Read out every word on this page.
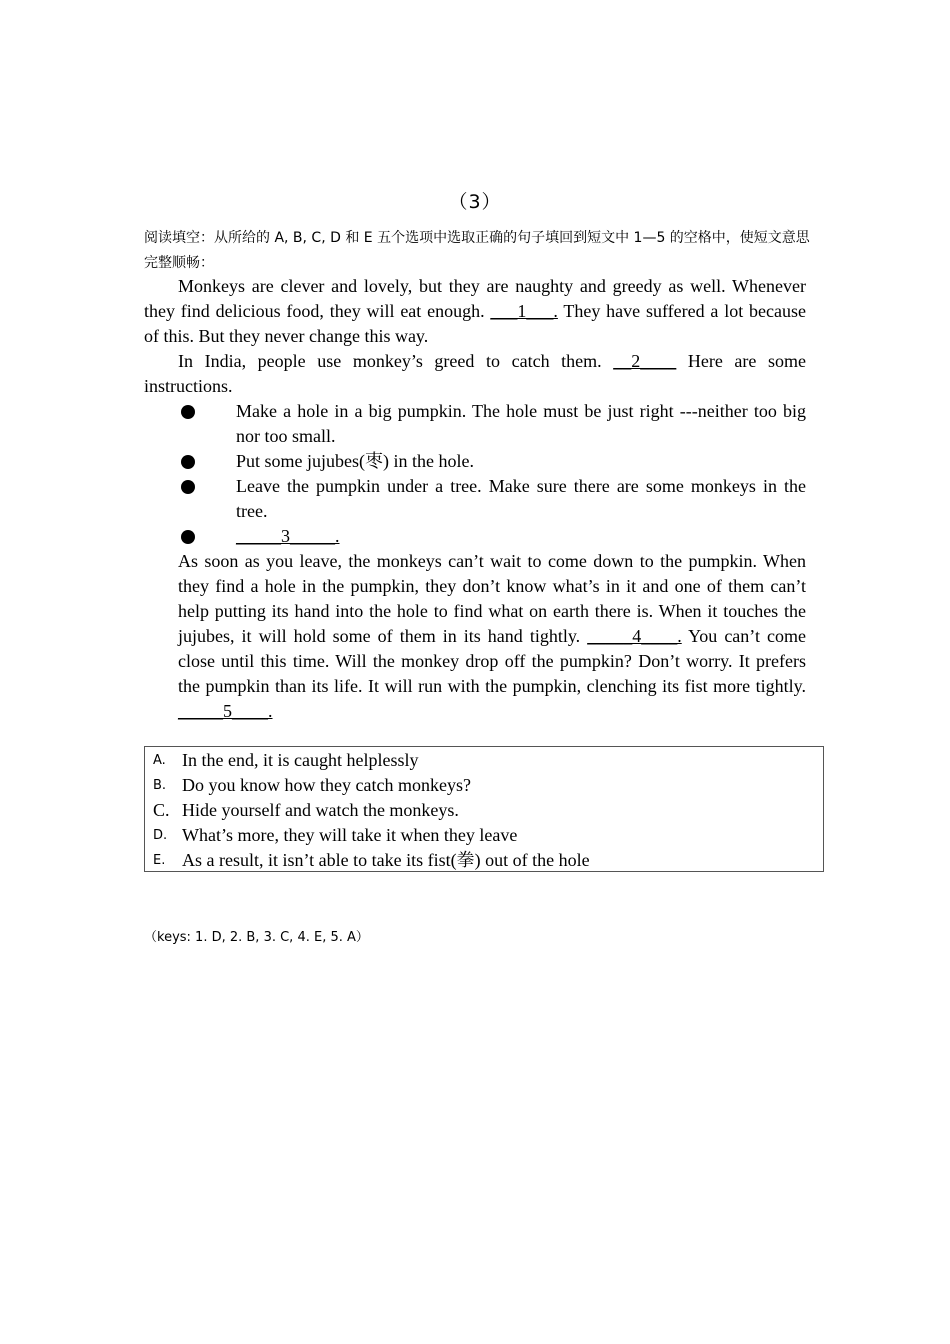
（3）
阅读填空：从所给的 A, B, C, D 和 E 五个选项中选取正确的句子填回到短文中 1—5 的空格中，使短文意思完整顺畅：
Monkeys are clever and lovely, but they are naughty and greedy as well. Whenever they find delicious food, they will eat enough. ___1___. They have suffered a lot because of this. But they never change this way.
In India, people use monkey’s greed to catch them. __2____ Here are some instructions.
Make a hole in a big pumpkin. The hole must be just right ---neither too big nor too small.
Put some jujubes(枣) in the hole.
Leave the pumpkin under a tree. Make sure there are some monkeys in the tree.
_____3_____.
As soon as you leave, the monkeys can’t wait to come down to the pumpkin. When they find a hole in the pumpkin, they don’t know what’s in it and one of them can’t help putting its hand into the hole to find what on earth there is. When it touches the jujubes, it will hold some of them in its hand tightly. _____4____. You can’t come close until this time. Will the monkey drop off the pumpkin? Don’t worry. It prefers the pumpkin than its life. It will run with the pumpkin, clenching its fist more tightly. _____5____.
A. In the end, it is caught helplessly
B. Do you know how they catch monkeys?
C. Hide yourself and watch the monkeys.
D. What’s more, they will take it when they leave
E. As a result, it isn’t able to take its fist(拳) out of the hole
（keys: 1. D, 2. B, 3. C, 4. E, 5. A）
